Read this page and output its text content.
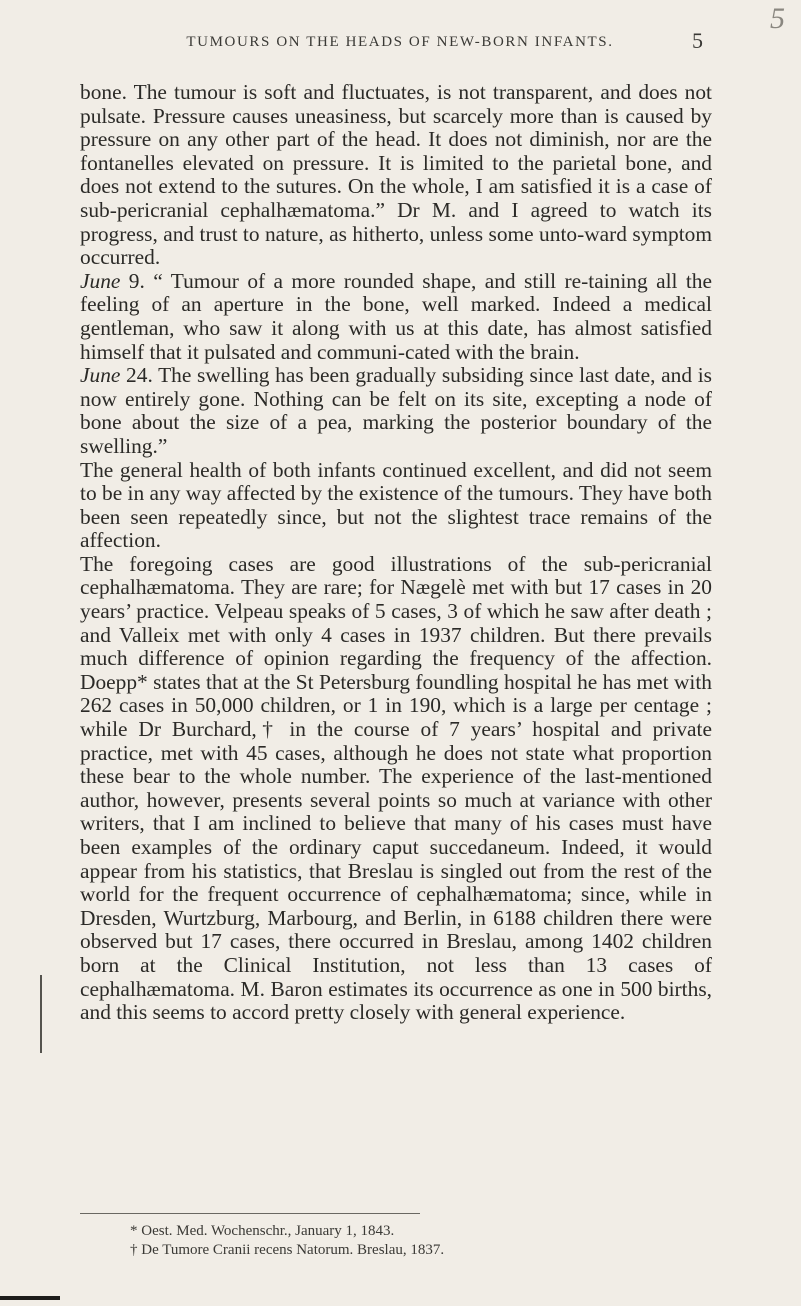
5
TUMOURS ON THE HEADS OF NEW-BORN INFANTS.	5

bone. The tumour is soft and fluctuates, is not transparent, and does not pulsate. Pressure causes uneasiness, but scarcely more than is caused by pressure on any other part of the head. It does not diminish, nor are the fontanelles elevated on pressure. It is limited to the parietal bone, and does not extend to the sutures. On the whole, I am satisfied it is a case of sub-pericranial cephalhæmatoma.” Dr M. and I agreed to watch its progress, and trust to nature, as hitherto, unless some unto-ward symptom occurred.

June 9. “ Tumour of a more rounded shape, and still re-taining all the feeling of an aperture in the bone, well marked. Indeed a medical gentleman, who saw it along with us at this date, has almost satisfied himself that it pulsated and communi-cated with the brain.

June 24. The swelling has been gradually subsiding since last date, and is now entirely gone. Nothing can be felt on its site, excepting a node of bone about the size of a pea, marking the posterior boundary of the swelling.”

The general health of both infants continued excellent, and did not seem to be in any way affected by the existence of the tumours. They have both been seen repeatedly since, but not the slightest trace remains of the affection.

The foregoing cases are good illustrations of the sub-pericranial cephalhæmatoma. They are rare; for Nægelè met with but 17 cases in 20 years’ practice. Velpeau speaks of 5 cases, 3 of which he saw after death ; and Valleix met with only 4 cases in 1937 children. But there prevails much difference of opinion regarding the frequency of the affection. Doepp* states that at the St Petersburg foundling hospital he has met with 262 cases in 50,000 children, or 1 in 190, which is a large per centage ; while Dr Burchard,† in the course of 7 years’ hospital and private practice, met with 45 cases, although he does not state what proportion these bear to the whole number. The experience of the last-mentioned author, however, presents several points so much at variance with other writers, that I am inclined to believe that many of his cases must have been examples of the ordinary caput succedaneum. Indeed, it would appear from his statistics, that Breslau is singled out from the rest of the world for the frequent occurrence of cephalhæmatoma; since, while in Dresden, Wurtzburg, Marbourg, and Berlin, in 6188 children there were observed but 17 cases, there occurred in Breslau, among 1402 children born at the Clinical Institution, not less than 13 cases of cephalhæmatoma. M. Baron estimates its occurrence as one in 500 births, and this seems to accord pretty closely with general experience.

* Oest. Med. Wochenschr., January 1, 1843.
† De Tumore Cranii recens Natorum. Breslau, 1837.
